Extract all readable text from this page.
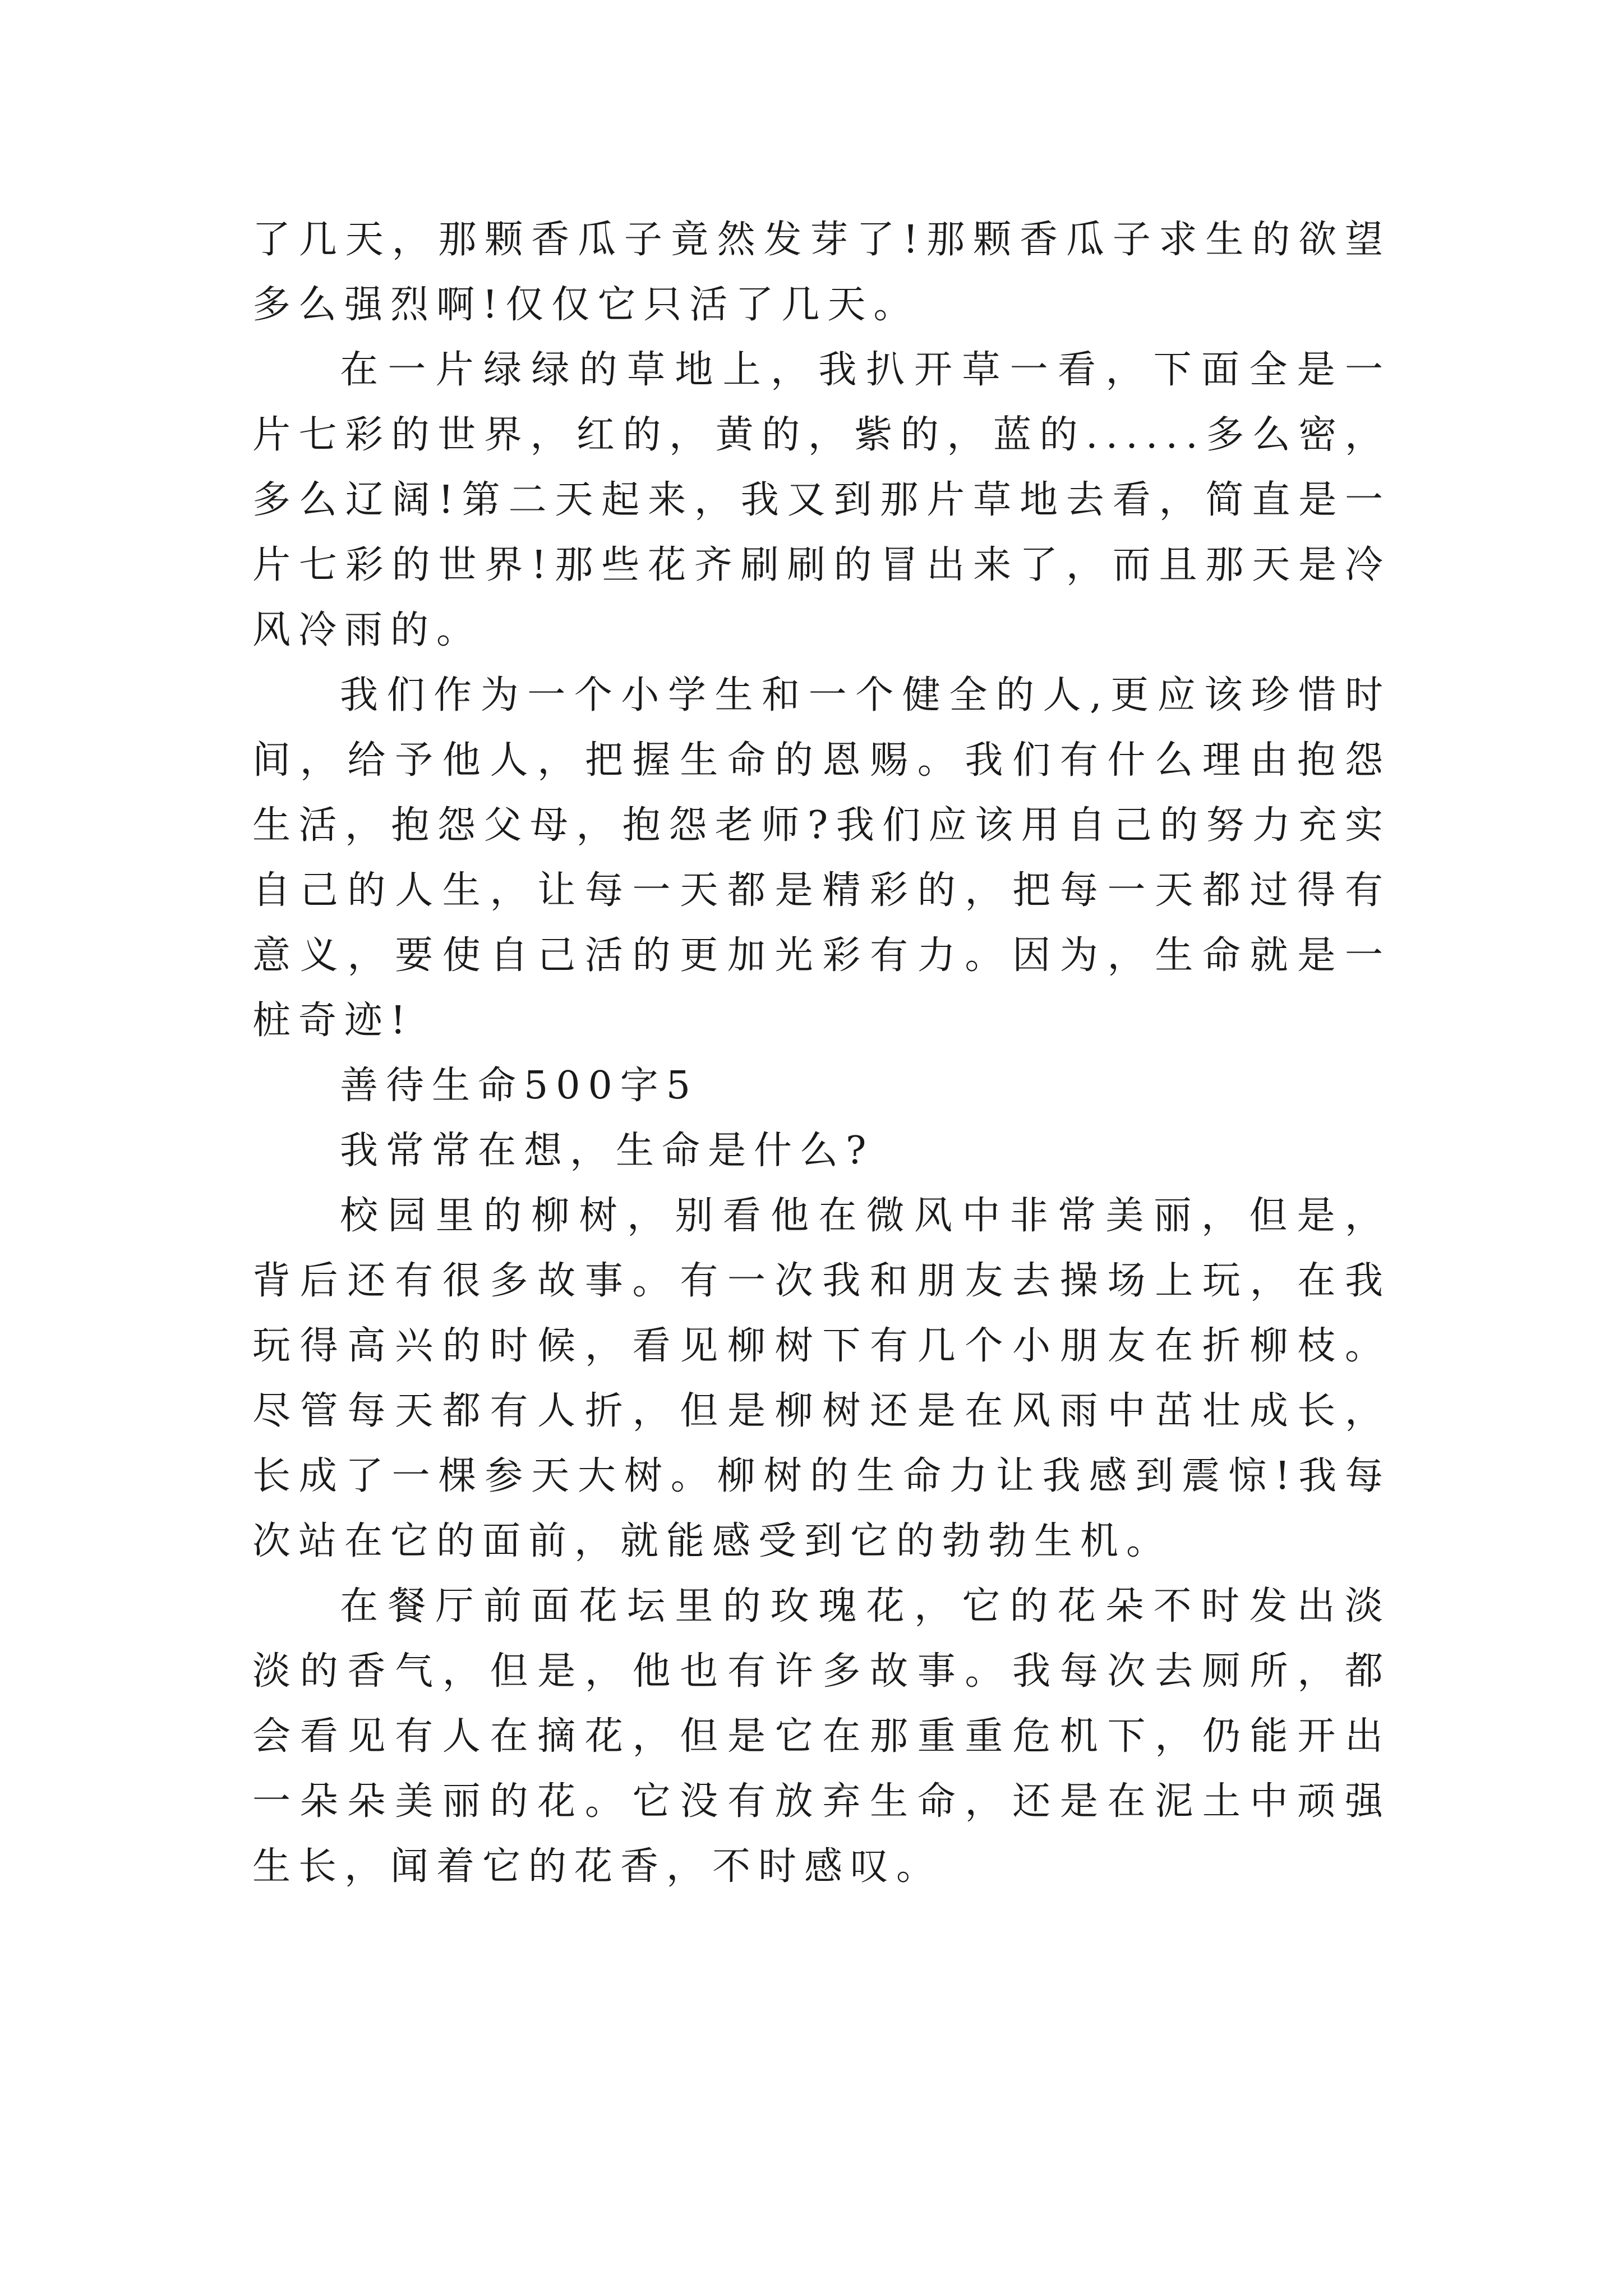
了几天，那颗香瓜子竟然发芽了!那颗香瓜子求生的欲望多么强烈啊!仅仅它只活了几天。

在一片绿绿的草地上，我扒开草一看，下面全是一片七彩的世界，红的，黄的，紫的，蓝的......多么密，多么辽阔!第二天起来，我又到那片草地去看，简直是一片七彩的世界!那些花齐刷刷的冒出来了，而且那天是冷风冷雨的。

我们作为一个小学生和一个健全的人,更应该珍惜时间，给予他人，把握生命的恩赐。我们有什么理由抱怨生活，抱怨父母，抱怨老师?我们应该用自己的努力充实自己的人生，让每一天都是精彩的，把每一天都过得有意义，要使自己活的更加光彩有力。因为，生命就是一桩奇迹!

善待生命500字5

我常常在想，生命是什么?

校园里的柳树，别看他在微风中非常美丽，但是，背后还有很多故事。有一次我和朋友去操场上玩，在我玩得高兴的时候，看见柳树下有几个小朋友在折柳枝。尽管每天都有人折，但是柳树还是在风雨中茁壮成长，长成了一棵参天大树。柳树的生命力让我感到震惊!我每次站在它的面前，就能感受到它的勃勃生机。

在餐厅前面花坛里的玫瑰花，它的花朵不时发出淡淡的香气，但是，他也有许多故事。我每次去厕所，都会看见有人在摘花，但是它在那重重危机下，仍能开出一朵朵美丽的花。它没有放弃生命，还是在泥土中顽强生长，闻着它的花香，不时感叹。
